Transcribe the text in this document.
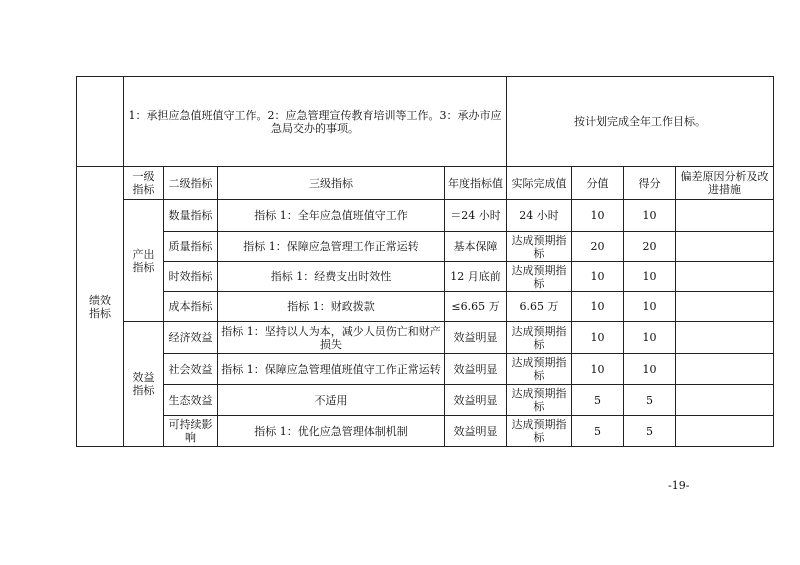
	1：承担应急值班值守工作。2：应急管理宣传教育培训等工作。3：承办市应急局交办的事项。				按计划完成全年工作目标。			
绩效指标	一级指标	二级指标	三级指标	年度指标值	实际完成值	分值	得分	偏差原因分析及改进措施
	产出指标	数量指标	指标 1：全年应急值班值守工作	＝24 小时	24 小时	10	10	
		质量指标	指标 1：保障应急管理工作正常运转	基本保障	达成预期指标	20	20	
		时效指标	指标 1：经费支出时效性	12 月底前	达成预期指标	10	10	
		成本指标	指标 1：财政拨款	≤6.65 万	6.65 万	10	10	
	效益指标	经济效益	指标 1：坚持以人为本，减少人员伤亡和财产损失	效益明显	达成预期指标	10	10	
		社会效益	指标 1：保障应急管理值班值守工作正常运转	效益明显	达成预期指标	10	10	
		生态效益	不适用	效益明显	达成预期指标	5	5	
		可持续影响	指标 1：优化应急管理体制机制	效益明显	达成预期指标	5	5	
-19-
